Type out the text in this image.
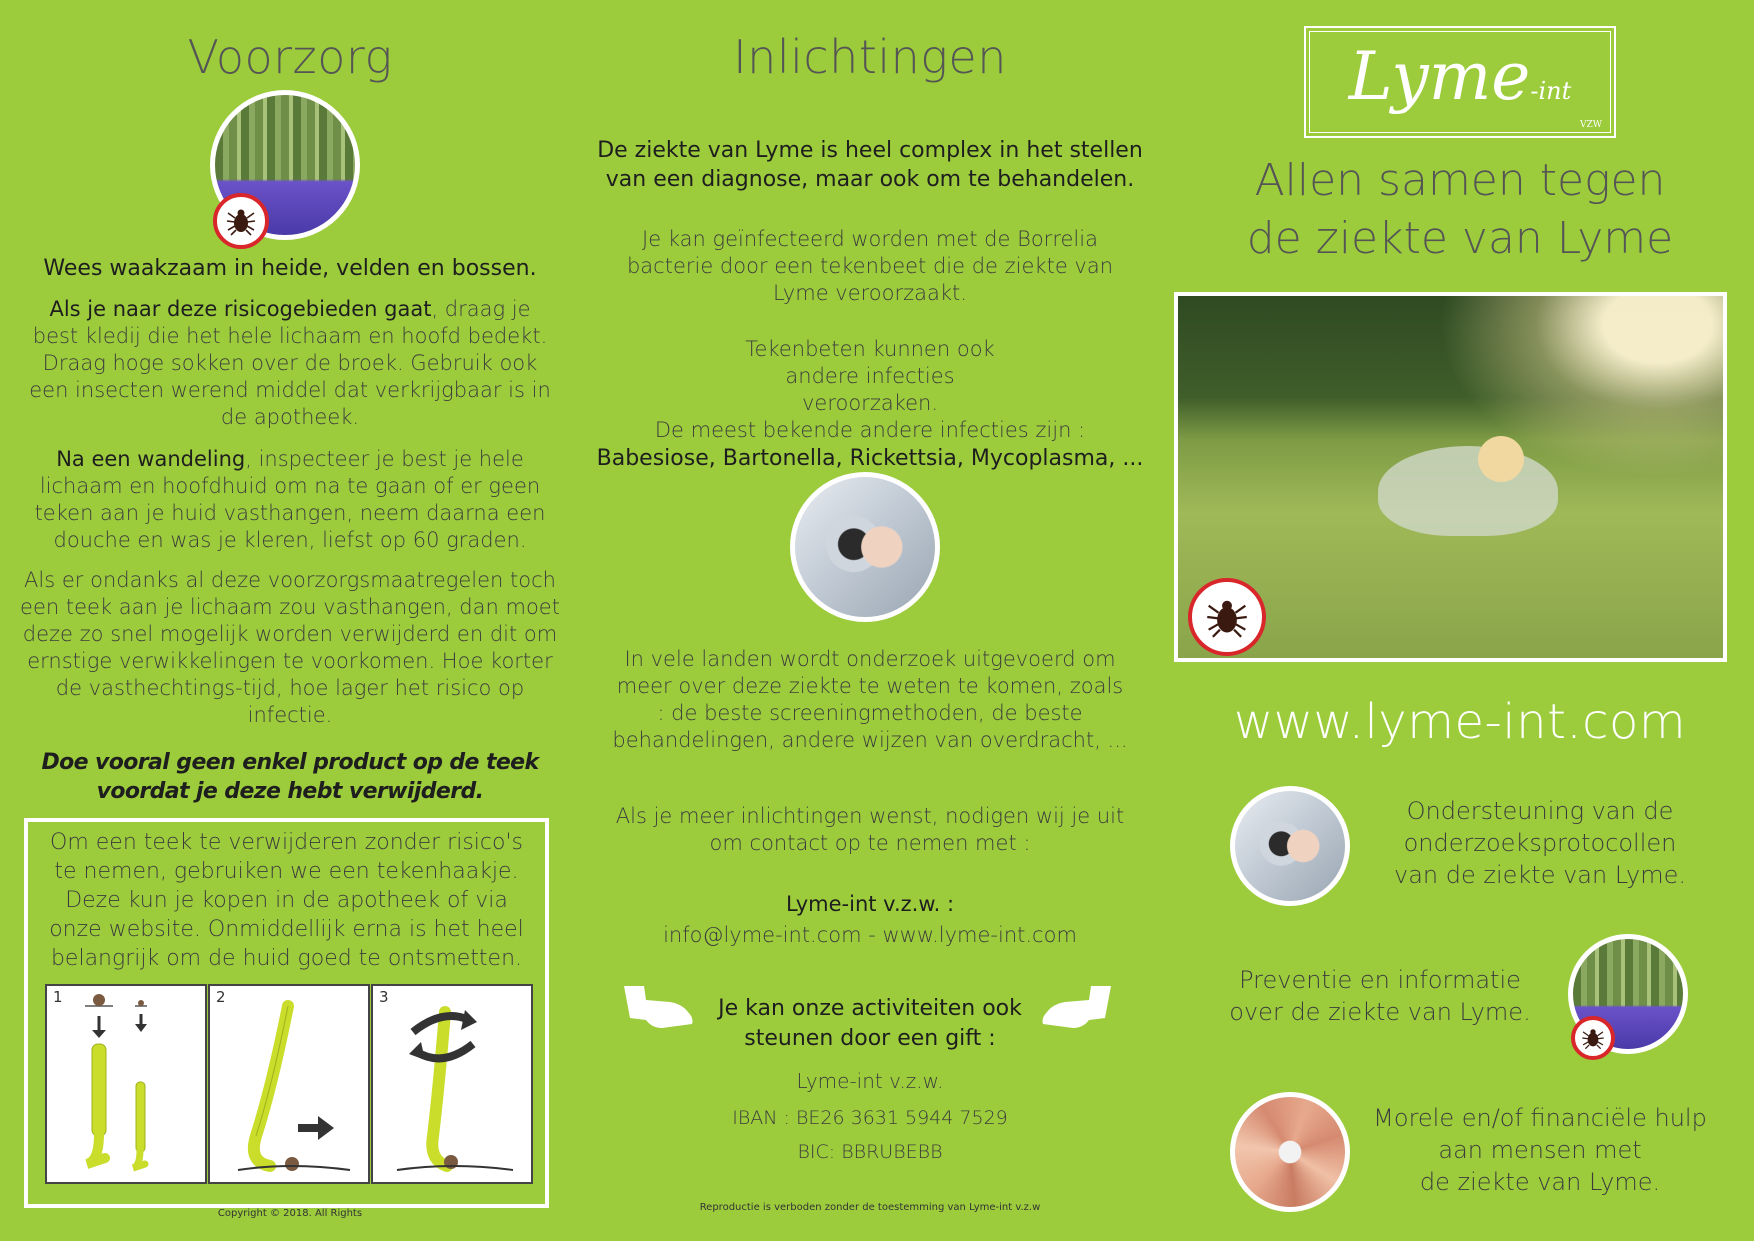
Voorzorg
Wees waakzaam in heide, velden en bossen.
Als je naar deze risicogebieden gaat, draag je best kledij die het hele lichaam en hoofd bedekt. Draag hoge sokken over de broek. Gebruik ook een insecten werend middel dat verkrijgbaar is in de apotheek.
Na een wandeling, inspecteer je best je hele lichaam en hoofdhuid om na te gaan of er geen teken aan je huid vasthangen, neem daarna een douche en was je kleren, liefst op 60 graden.
Als er ondanks al deze voorzorgsmaatregelen toch een teek aan je lichaam zou vasthangen, dan moet deze zo snel mogelijk worden verwijderd en dit om ernstige verwikkelingen te voorkomen. Hoe korter de vasthechtings-tijd, hoe lager het risico op infectie.
Doe vooral geen enkel product op de teek
voordat je deze hebt verwijderd.
Om een teek te verwijderen zonder risico's te nemen, gebruiken we een tekenhaakje. Deze kun je kopen in de apotheek of via onze website. Onmiddellijk erna is het heel belangrijk om de huid goed te ontsmetten.
1	2	3
Copyright © 2018. All Rights
Inlichtingen
De ziekte van Lyme is heel complex in het stellen van een diagnose, maar ook om te behandelen.
Je kan geïnfecteerd worden met de Borrelia bacterie door een tekenbeet die de ziekte van Lyme veroorzaakt.
Tekenbeten kunnen ook andere infecties veroorzaken.
De meest bekende andere infecties zijn :
Babesiose, Bartonella, Rickettsia, Mycoplasma, ...
In vele landen wordt onderzoek uitgevoerd om meer over deze ziekte te weten te komen, zoals : de beste screeningmethoden, de beste behandelingen, andere wijzen van overdracht, ...
Als je meer inlichtingen wenst, nodigen wij je uit om contact op te nemen met :
Lyme-int v.z.w. :
info@lyme-int.com - www.lyme-int.com
Je kan onze activiteiten ook
steunen door een gift :
Lyme-int v.z.w.
IBAN : BE26 3631 5944 7529
BIC: BBRUBEBB
Reproductie is verboden zonder de toestemming van Lyme-int v.z.w
Lyme-int
VZW
Allen samen tegen
de ziekte van Lyme
www.lyme-int.com
Ondersteuning van de
onderzoeksprotocollen
van de ziekte van Lyme.
Preventie en informatie
over de ziekte van Lyme.
Morele en/of financiële hulp
aan mensen met
de ziekte van Lyme.
